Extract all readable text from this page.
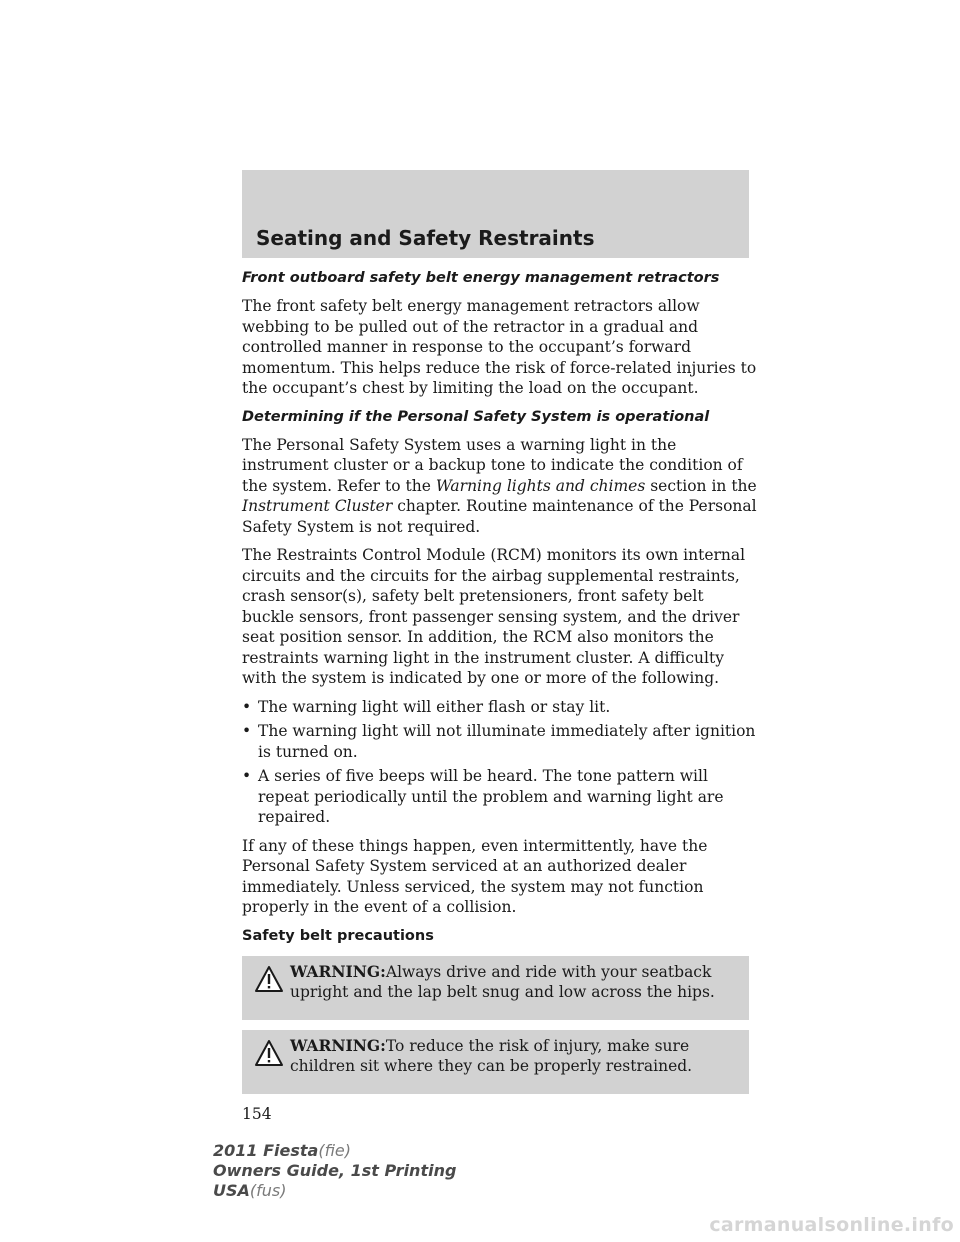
Seating and Safety Restraints
Front outboard safety belt energy management retractors

The front safety belt energy management retractors allow webbing to be pulled out of the retractor in a gradual and controlled manner in response to the occupant’s forward momentum. This helps reduce the risk of force-related injuries to the occupant’s chest by limiting the load on the occupant.

Determining if the Personal Safety System is operational

The Personal Safety System uses a warning light in the instrument cluster or a backup tone to indicate the condition of the system. Refer to the Warning lights and chimes section in the Instrument Cluster chapter. Routine maintenance of the Personal Safety System is not required.

The Restraints Control Module (RCM) monitors its own internal circuits and the circuits for the airbag supplemental restraints, crash sensor(s), safety belt pretensioners, front safety belt buckle sensors, front passenger sensing system, and the driver seat position sensor. In addition, the RCM also monitors the restraints warning light in the instrument cluster. A difficulty with the system is indicated by one or more of the following.

• The warning light will either flash or stay lit.
• The warning light will not illuminate immediately after ignition is turned on.
• A series of five beeps will be heard. The tone pattern will repeat periodically until the problem and warning light are repaired.

If any of these things happen, even intermittently, have the Personal Safety System serviced at an authorized dealer immediately. Unless serviced, the system may not function properly in the event of a collision.

Safety belt precautions
WARNING:Always drive and ride with your seatback upright and the lap belt snug and low across the hips.
WARNING:To reduce the risk of injury, make sure children sit where they can be properly restrained.
154
2011 Fiesta(fie)
Owners Guide, 1st Printing
USA(fus)
carmanualsonline.info
